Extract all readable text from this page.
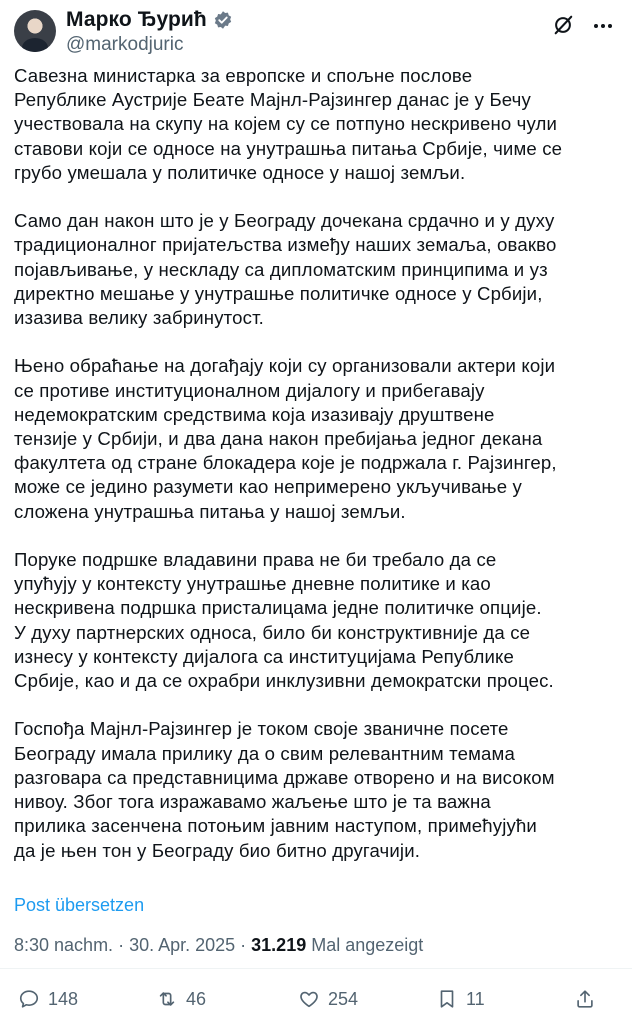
Марко Ђурић
@markodjuric
Савезна министарка за европске и спољне послове
Републике Аустрије Беате Мајнл-Рајзингер данас је у Бечу
учествовала на скупу на којем су се потпуно нескривено чули
ставови који се односе на унутрашња питања Србије, чиме се
грубо умешала у политичке односе у нашој земљи.

Само дан након што је у Београду дочекана срдачно и у духу
традиционалног пријатељства између наших земаља, овакво
појављивање, у нескладу са дипломатским принципима и уз
директно мешање у унутрашње политичке односе у Србији,
изазива велику забринутост.

Њено обраћање на догађају који су организовали актери који
се противе институционалном дијалогу и прибегавају
недемократским средствима која изазивају друштвене
тензије у Србији, и два дана након пребијања једног декана
факултета од стране блокадера које је подржала г. Рајзингер,
може се једино разумети као непримерено укључивање у
сложена унутрашња питања у нашој земљи.

Поруке подршке владавини права не би требало да се
упућују у контексту унутрашње дневне политике и као
нескривена подршка присталицама једне политичке опције.
У духу партнерских односа, било би конструктивније да се
изнесу у контексту дијалога са институцијама Републике
Србије, као и да се охрабри инклузивни демократски процес.

Госпођа Мајнл-Рајзингер је током своје званичне посете
Београду имала прилику да о свим релевантним темама
разговара са представницима државе отворено и на високом
нивоу. Због тога изражавамо жаљење што је та важна
прилика засенчена потоњим јавним наступом, примећујући
да је њен тон у Београду био битно другачији.
Post übersetzen
8:30 nachm. · 30. Apr. 2025 · 31.219 Mal angezeigt
148	46	254	11
